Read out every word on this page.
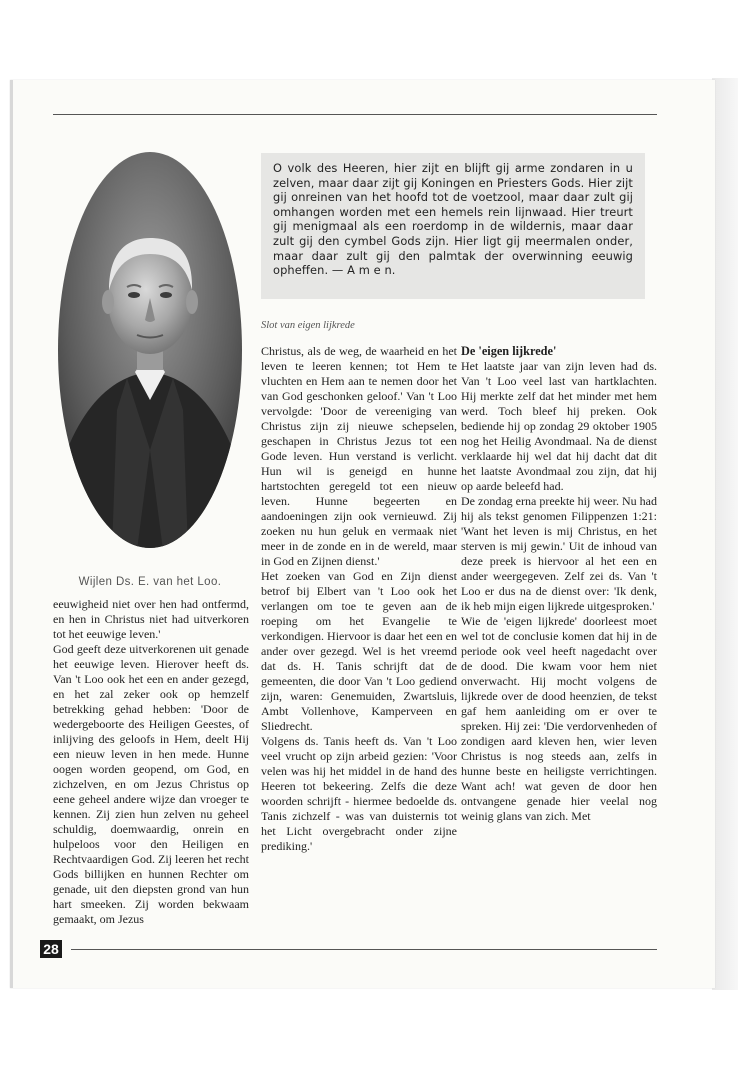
Wijlen Ds. E. van het Loo.

O volk des Heeren, hier zijt en blijft gij arme zondaren in u zelven, maar daar zijt gij Koningen en Priesters Gods. Hier zijt gij onreinen van het hoofd tot de voetzool, maar daar zult gij omhangen worden met een hemels rein lijnwaad. Hier treurt gij menigmaal als een roerdomp in de wildernis, maar daar zult gij den cymbel Gods zijn. Hier ligt gij meermalen onder, maar daar zult gij den palmtak der overwinning eeuwig opheffen. — A m e n.

Slot van eigen lijkrede

eeuwigheid niet over hen had ontfermd, en hen in Christus niet had uitverkoren tot het eeuwige leven.'

God geeft deze uitverkorenen uit genade het eeuwige leven. Hierover heeft ds. Van 't Loo ook het een en ander gezegd, en het zal zeker ook op hemzelf betrekking gehad hebben: 'Door de wedergeboorte des Heiligen Geestes, of inlijving des geloofs in Hem, deelt Hij een nieuw leven in hen mede. Hunne oogen worden geopend, om God, en zichzelven, en om Jezus Christus op eene geheel andere wijze dan vroeger te kennen. Zij zien hun zelven nu geheel schuldig, doemwaardig, onrein en hulpeloos voor den Heiligen en Rechtvaardigen God. Zij leeren het recht Gods billijken en hunnen Rechter om genade, uit den diepsten grond van hun hart smeeken. Zij worden bekwaam gemaakt, om Jezus

Christus, als de weg, de waarheid en het leven te leeren kennen; tot Hem te vluchten en Hem aan te nemen door het van God geschonken geloof.' Van 't Loo vervolgde: 'Door de vereeniging van Christus zijn zij nieuwe schepselen, geschapen in Christus Jezus tot een Gode leven. Hun verstand is verlicht. Hun wil is geneigd en hunne hartstochten geregeld tot een nieuw leven. Hunne begeerten en aandoeningen zijn ook vernieuwd. Zij zoeken nu hun geluk en vermaak niet meer in de zonde en in de wereld, maar in God en Zijnen dienst.'

Het zoeken van God en Zijn dienst betrof bij Elbert van 't Loo ook het verlangen om toe te geven aan de roeping om het Evangelie te verkondigen. Hiervoor is daar het een en ander over gezegd. Wel is het vreemd dat ds. H. Tanis schrijft dat de gemeenten, die door Van 't Loo gediend zijn, waren: Genemuiden, Zwartsluis, Ambt Vollenhove, Kamperveen en Sliedrecht.

Volgens ds. Tanis heeft ds. Van 't Loo veel vrucht op zijn arbeid gezien: 'Voor velen was hij het middel in de hand des Heeren tot bekeering. Zelfs die deze woorden schrijft - hiermee bedoelde ds. Tanis zichzelf - was van duisternis tot het Licht overgebracht onder zijne prediking.'

De 'eigen lijkrede'

Het laatste jaar van zijn leven had ds. Van 't Loo veel last van hartklachten. Hij merkte zelf dat het minder met hem werd. Toch bleef hij preken. Ook bediende hij op zondag 29 oktober 1905 nog het Heilig Avondmaal. Na de dienst verklaarde hij wel dat hij dacht dat dit het laatste Avondmaal zou zijn, dat hij op aarde beleefd had.

De zondag erna preekte hij weer. Nu had hij als tekst genomen Filippenzen 1:21: 'Want het leven is mij Christus, en het sterven is mij gewin.' Uit de inhoud van deze preek is hiervoor al het een en ander weergegeven. Zelf zei ds. Van 't Loo er dus na de dienst over: 'Ik denk, ik heb mijn eigen lijkrede uitgesproken.'

Wie de 'eigen lijkrede' doorleest moet wel tot de conclusie komen dat hij in de periode ook veel heeft nagedacht over de dood. Die kwam voor hem niet onverwacht. Hij mocht volgens de lijkrede over de dood heenzien, de tekst gaf hem aanleiding om er over te spreken. Hij zei: 'Die verdorvenheden of zondigen aard kleven hen, wier leven Christus is nog steeds aan, zelfs in hunne beste en heiligste verrichtingen. Want ach! wat geven de door hen ontvangene genade hier veelal nog weinig glans van zich. Met

28
